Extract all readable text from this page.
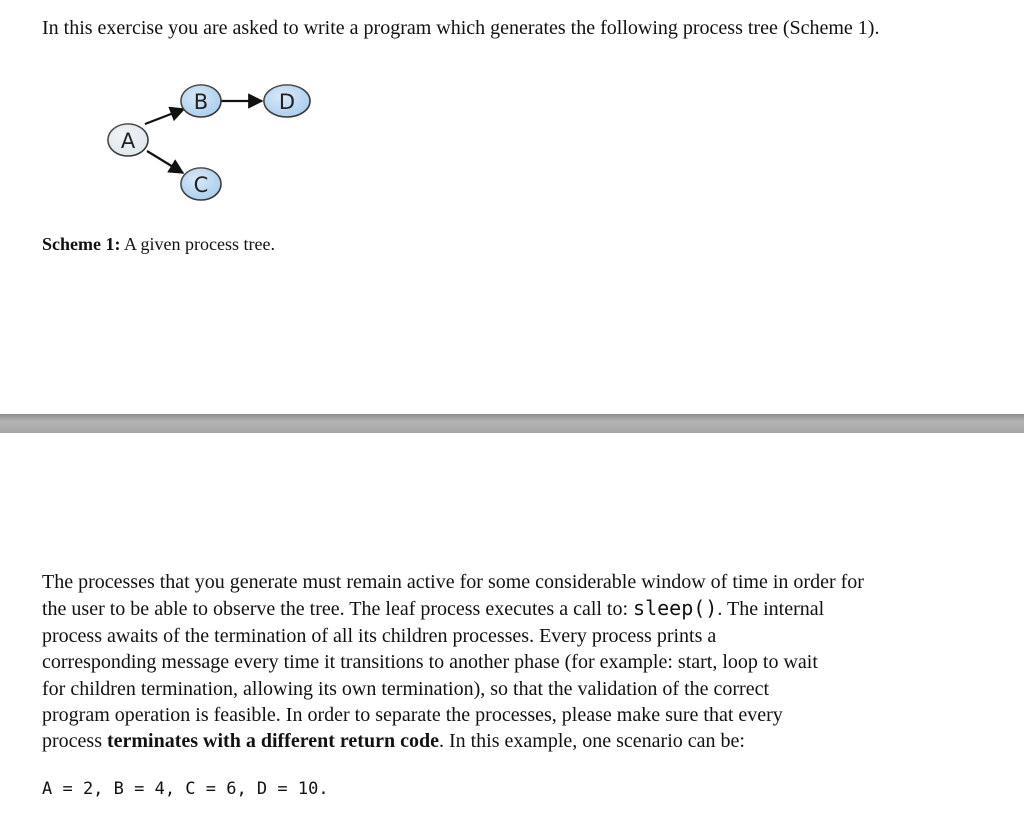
In this exercise you are asked to write a program which generates the following process tree (Scheme 1).

A
B
C
D

Scheme 1: A given process tree.

The processes that you generate must remain active for some considerable window of time in order for
the user to be able to observe the tree. The leaf process executes a call to: sleep(). The internal
process awaits of the termination of all its children processes. Every process prints a
corresponding message every time it transitions to another phase (for example: start, loop to wait
for children termination, allowing its own termination), so that the validation of the correct
program operation is feasible. In order to separate the processes, please make sure that every
process terminates with a different return code. In this example, one scenario can be:

A = 2, B = 4, C = 6, D = 10.
